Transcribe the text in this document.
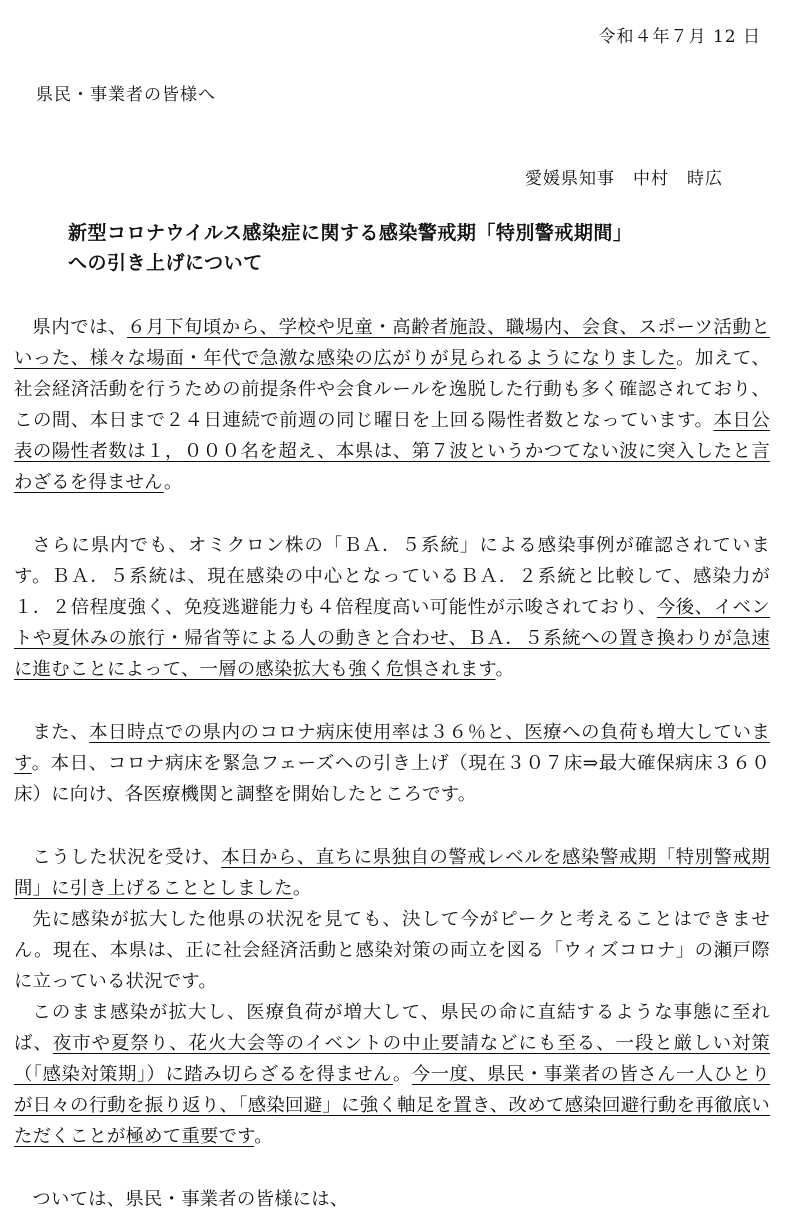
令和４年７月 12 日
県民・事業者の皆様へ
愛媛県知事　中村　時広
新型コロナウイルス感染症に関する感染警戒期「特別警戒期間」
への引き上げについて

県内では、６月下旬頃から、学校や児童・高齢者施設、職場内、会食、スポーツ活動といった、様々な場面・年代で急激な感染の広がりが見られるようになりました。加えて、社会経済活動を行うための前提条件や会食ルールを逸脱した行動も多く確認されており、この間、本日まで２４日連続で前週の同じ曜日を上回る陽性者数となっています。本日公表の陽性者数は１，０００名を超え、本県は、第７波というかつてない波に突入したと言わざるを得ません。

さらに県内でも、オミクロン株の「ＢＡ．５系統」による感染事例が確認されています。ＢＡ．５系統は、現在感染の中心となっているＢＡ．２系統と比較して、感染力が１．２倍程度強く、免疫逃避能力も４倍程度高い可能性が示唆されており、今後、イベントや夏休みの旅行・帰省等による人の動きと合わせ、ＢＡ．５系統への置き換わりが急速に進むことによって、一層の感染拡大も強く危惧されます。

また、本日時点での県内のコロナ病床使用率は３６％と、医療への負荷も増大しています。本日、コロナ病床を緊急フェーズへの引き上げ（現在３０７床⇒最大確保病床３６０床）に向け、各医療機関と調整を開始したところです。

こうした状況を受け、本日から、直ちに県独自の警戒レベルを感染警戒期「特別警戒期間」に引き上げることとしました。

先に感染が拡大した他県の状況を見ても、決して今がピークと考えることはできません。現在、本県は、正に社会経済活動と感染対策の両立を図る「ウィズコロナ」の瀬戸際に立っている状況です。

このまま感染が拡大し、医療負荷が増大して、県民の命に直結するような事態に至れば、夜市や夏祭り、花火大会等のイベントの中止要請などにも至る、一段と厳しい対策（「感染対策期」）に踏み切らざるを得ません。今一度、県民・事業者の皆さん一人ひとりが日々の行動を振り返り、「感染回避」に強く軸足を置き、改めて感染回避行動を再徹底いただくことが極めて重要です。

ついては、県民・事業者の皆様には、
